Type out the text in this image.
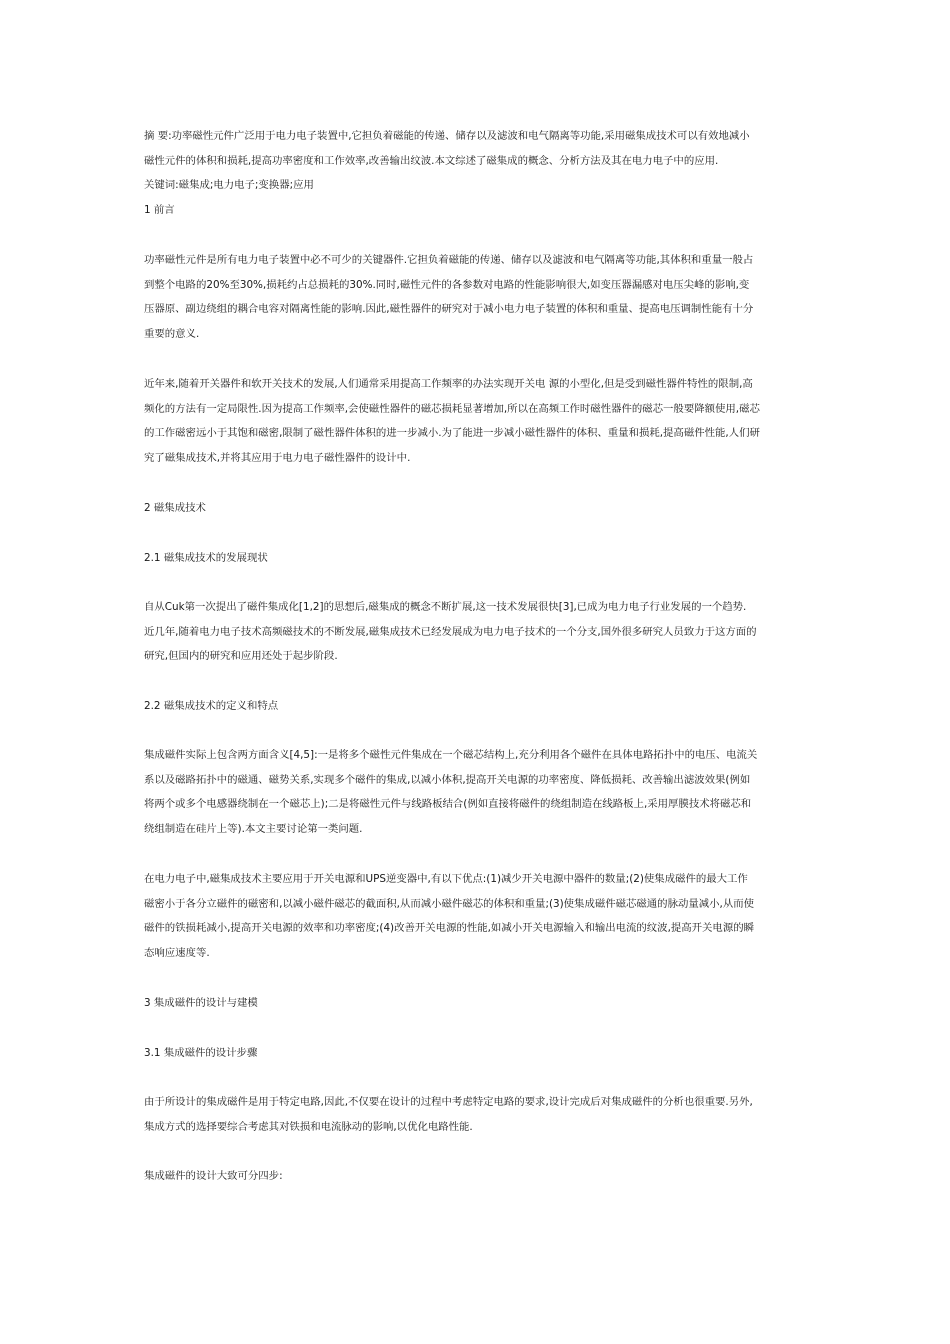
摘 要:功率磁性元件广泛用于电力电子装置中,它担负着磁能的传递、储存以及滤波和电气隔离等功能,采用磁集成技术可以有效地减小
磁性元件的体积和损耗,提高功率密度和工作效率,改善输出纹波.本文综述了磁集成的概念、分析方法及其在电力电子中的应用.
关键词:磁集成;电力电子;变换器;应用
1 前言
功率磁性元件是所有电力电子装置中必不可少的关键器件.它担负着磁能的传递、储存以及滤波和电气隔离等功能,其体积和重量一般占
到整个电路的20%至30%,损耗约占总损耗的30%.同时,磁性元件的各参数对电路的性能影响很大,如变压器漏感对电压尖峰的影响,变
压器原、副边绕组的耦合电容对隔离性能的影响.因此,磁性器件的研究对于减小电力电子装置的体积和重量、提高电压调制性能有十分
重要的意义.
近年来,随着开关器件和软开关技术的发展,人们通常采用提高工作频率的办法实现开关电 源的小型化,但是受到磁性器件特性的限制,高
频化的方法有一定局限性.因为提高工作频率,会使磁性器件的磁芯损耗显著增加,所以在高频工作时磁性器件的磁芯一般要降额使用,磁芯
的工作磁密远小于其饱和磁密,限制了磁性器件体积的进一步减小.为了能进一步减小磁性器件的体积、重量和损耗,提高磁件性能,人们研
究了磁集成技术,并将其应用于电力电子磁性器件的设计中.
2 磁集成技术
2.1 磁集成技术的发展现状
自从Cuk第一次提出了磁件集成化[1,2]的思想后,磁集成的概念不断扩展,这一技术发展很快[3],已成为电力电子行业发展的一个趋势.
近几年,随着电力电子技术高频磁技术的不断发展,磁集成技术已经发展成为电力电子技术的一个分支,国外很多研究人员致力于这方面的
研究,但国内的研究和应用还处于起步阶段.
2.2 磁集成技术的定义和特点
集成磁件实际上包含两方面含义[4,5]:一是将多个磁性元件集成在一个磁芯结构上,充分利用各个磁件在具体电路拓扑中的电压、电流关
系以及磁路拓扑中的磁通、磁势关系,实现多个磁件的集成,以减小体积,提高开关电源的功率密度、降低损耗、改善输出滤波效果(例如
将两个或多个电感器绕制在一个磁芯上);二是将磁性元件与线路板结合(例如直接将磁件的绕组制造在线路板上,采用厚膜技术将磁芯和
绕组制造在硅片上等).本文主要讨论第一类问题.
在电力电子中,磁集成技术主要应用于开关电源和UPS逆变器中,有以下优点:(1)减少开关电源中器件的数量;(2)使集成磁件的最大工作
磁密小于各分立磁件的磁密和,以减小磁件磁芯的截面积,从而减小磁件磁芯的体积和重量;(3)使集成磁件磁芯磁通的脉动量减小,从而使
磁件的铁损耗减小,提高开关电源的效率和功率密度;(4)改善开关电源的性能,如减小开关电源输入和输出电流的纹波,提高开关电源的瞬
态响应速度等.
3 集成磁件的设计与建模
3.1 集成磁件的设计步骤
由于所设计的集成磁件是用于特定电路,因此,不仅要在设计的过程中考虑特定电路的要求,设计完成后对集成磁件的分析也很重要.另外,
集成方式的选择要综合考虑其对铁损和电流脉动的影响,以优化电路性能.
集成磁件的设计大致可分四步:
